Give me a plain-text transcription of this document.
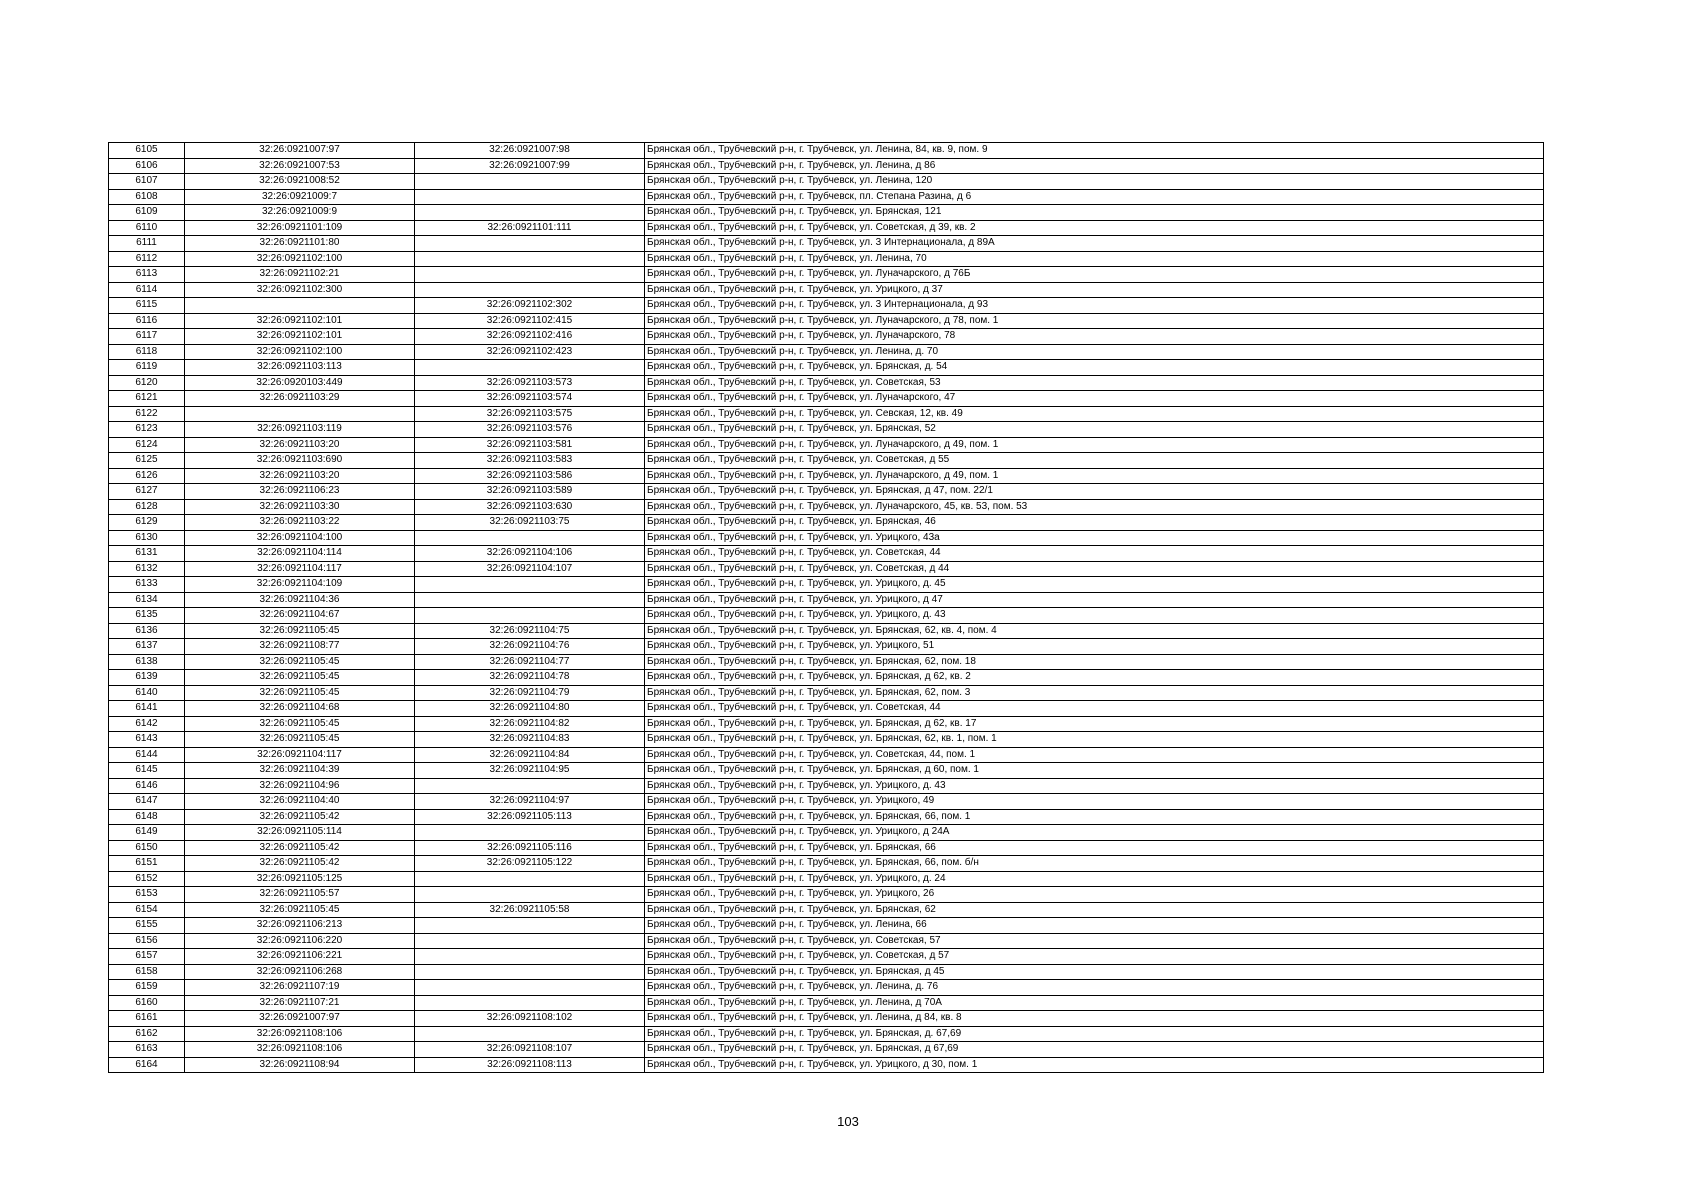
6105	32:26:0921007:97	32:26:0921007:98	Брянская обл., Трубчевский р-н, г. Трубчевск, ул. Ленина, 84, кв. 9, пом. 9
6106	32:26:0921007:53	32:26:0921007:99	Брянская обл., Трубчевский р-н, г. Трубчевск, ул. Ленина, д 86
6107	32:26:0921008:52		Брянская обл., Трубчевский р-н, г. Трубчевск, ул. Ленина, 120
6108	32:26:0921009:7		Брянская обл., Трубчевский р-н, г. Трубчевск, пл. Степана Разина, д 6
6109	32:26:0921009:9		Брянская обл., Трубчевский р-н, г. Трубчевск, ул. Брянская, 121
6110	32:26:0921101:109	32:26:0921101:111	Брянская обл., Трубчевский р-н, г. Трубчевск, ул. Советская, д 39, кв. 2
6111	32:26:0921101:80		Брянская обл., Трубчевский р-н, г. Трубчевск, ул. 3 Интернационала, д 89А
6112	32:26:0921102:100		Брянская обл., Трубчевский р-н, г. Трубчевск, ул. Ленина, 70
6113	32:26:0921102:21		Брянская обл., Трубчевский р-н, г. Трубчевск, ул. Луначарского, д 76Б
6114	32:26:0921102:300		Брянская обл., Трубчевский р-н, г. Трубчевск, ул. Урицкого, д 37
6115		32:26:0921102:302	Брянская обл., Трубчевский р-н, г. Трубчевск, ул. 3 Интернационала, д 93
6116	32:26:0921102:101	32:26:0921102:415	Брянская обл., Трубчевский р-н, г. Трубчевск, ул. Луначарского, д 78, пом. 1
6117	32:26:0921102:101	32:26:0921102:416	Брянская обл., Трубчевский р-н, г. Трубчевск, ул. Луначарского, 78
6118	32:26:0921102:100	32:26:0921102:423	Брянская обл., Трубчевский р-н, г. Трубчевск, ул. Ленина, д. 70
6119	32:26:0921103:113		Брянская обл., Трубчевский р-н, г. Трубчевск, ул. Брянская, д. 54
6120	32:26:0920103:449	32:26:0921103:573	Брянская обл., Трубчевский р-н, г. Трубчевск, ул. Советская, 53
6121	32:26:0921103:29	32:26:0921103:574	Брянская обл., Трубчевский р-н, г. Трубчевск, ул. Луначарского, 47
6122		32:26:0921103:575	Брянская обл., Трубчевский р-н, г. Трубчевск, ул. Севская, 12, кв. 49
6123	32:26:0921103:119	32:26:0921103:576	Брянская обл., Трубчевский р-н, г. Трубчевск, ул. Брянская, 52
6124	32:26:0921103:20	32:26:0921103:581	Брянская обл., Трубчевский р-н, г. Трубчевск, ул. Луначарского, д 49, пом. 1
6125	32:26:0921103:690	32:26:0921103:583	Брянская обл., Трубчевский р-н, г. Трубчевск, ул. Советская, д 55
6126	32:26:0921103:20	32:26:0921103:586	Брянская обл., Трубчевский р-н, г. Трубчевск, ул. Луначарского, д 49, пом. 1
6127	32:26:0921106:23	32:26:0921103:589	Брянская обл., Трубчевский р-н, г. Трубчевск, ул. Брянская, д 47, пом. 22/1
6128	32:26:0921103:30	32:26:0921103:630	Брянская обл., Трубчевский р-н, г. Трубчевск, ул. Луначарского, 45, кв. 53, пом. 53
6129	32:26:0921103:22	32:26:0921103:75	Брянская обл., Трубчевский р-н, г. Трубчевск, ул. Брянская, 46
6130	32:26:0921104:100		Брянская обл., Трубчевский р-н, г. Трубчевск, ул. Урицкого, 43а
6131	32:26:0921104:114	32:26:0921104:106	Брянская обл., Трубчевский р-н, г. Трубчевск, ул. Советская, 44
6132	32:26:0921104:117	32:26:0921104:107	Брянская обл., Трубчевский р-н, г. Трубчевск, ул. Советская, д 44
6133	32:26:0921104:109		Брянская обл., Трубчевский р-н, г. Трубчевск, ул. Урицкого, д. 45
6134	32:26:0921104:36		Брянская обл., Трубчевский р-н, г. Трубчевск, ул. Урицкого, д 47
6135	32:26:0921104:67		Брянская обл., Трубчевский р-н, г. Трубчевск, ул. Урицкого, д. 43
6136	32:26:0921105:45	32:26:0921104:75	Брянская обл., Трубчевский р-н, г. Трубчевск, ул. Брянская, 62, кв. 4, пом. 4
6137	32:26:0921108:77	32:26:0921104:76	Брянская обл., Трубчевский р-н, г. Трубчевск, ул. Урицкого, 51
6138	32:26:0921105:45	32:26:0921104:77	Брянская обл., Трубчевский р-н, г. Трубчевск, ул. Брянская, 62, пом. 18
6139	32:26:0921105:45	32:26:0921104:78	Брянская обл., Трубчевский р-н, г. Трубчевск, ул. Брянская, д 62, кв. 2
6140	32:26:0921105:45	32:26:0921104:79	Брянская обл., Трубчевский р-н, г. Трубчевск, ул. Брянская, 62, пом. 3
6141	32:26:0921104:68	32:26:0921104:80	Брянская обл., Трубчевский р-н, г. Трубчевск, ул. Советская, 44
6142	32:26:0921105:45	32:26:0921104:82	Брянская обл., Трубчевский р-н, г. Трубчевск, ул. Брянская, д 62, кв. 17
6143	32:26:0921105:45	32:26:0921104:83	Брянская обл., Трубчевский р-н, г. Трубчевск, ул. Брянская, 62, кв. 1, пом. 1
6144	32:26:0921104:117	32:26:0921104:84	Брянская обл., Трубчевский р-н, г. Трубчевск, ул. Советская, 44, пом. 1
6145	32:26:0921104:39	32:26:0921104:95	Брянская обл., Трубчевский р-н, г. Трубчевск, ул. Брянская, д 60, пом. 1
6146	32:26:0921104:96		Брянская обл., Трубчевский р-н, г. Трубчевск, ул. Урицкого, д. 43
6147	32:26:0921104:40	32:26:0921104:97	Брянская обл., Трубчевский р-н, г. Трубчевск, ул. Урицкого, 49
6148	32:26:0921105:42	32:26:0921105:113	Брянская обл., Трубчевский р-н, г. Трубчевск, ул. Брянская, 66, пом. 1
6149	32:26:0921105:114		Брянская обл., Трубчевский р-н, г. Трубчевск, ул. Урицкого, д 24А
6150	32:26:0921105:42	32:26:0921105:116	Брянская обл., Трубчевский р-н, г. Трубчевск, ул. Брянская, 66
6151	32:26:0921105:42	32:26:0921105:122	Брянская обл., Трубчевский р-н, г. Трубчевск, ул. Брянская, 66, пом. б/н
6152	32:26:0921105:125		Брянская обл., Трубчевский р-н, г. Трубчевск, ул. Урицкого, д. 24
6153	32:26:0921105:57		Брянская обл., Трубчевский р-н, г. Трубчевск, ул. Урицкого, 26
6154	32:26:0921105:45	32:26:0921105:58	Брянская обл., Трубчевский р-н, г. Трубчевск, ул. Брянская, 62
6155	32:26:0921106:213		Брянская обл., Трубчевский р-н, г. Трубчевск, ул. Ленина, 66
6156	32:26:0921106:220		Брянская обл., Трубчевский р-н, г. Трубчевск, ул. Советская, 57
6157	32:26:0921106:221		Брянская обл., Трубчевский р-н, г. Трубчевск, ул. Советская, д 57
6158	32:26:0921106:268		Брянская обл., Трубчевский р-н, г. Трубчевск, ул. Брянская, д 45
6159	32:26:0921107:19		Брянская обл., Трубчевский р-н, г. Трубчевск, ул. Ленина, д. 76
6160	32:26:0921107:21		Брянская обл., Трубчевский р-н, г. Трубчевск, ул. Ленина, д 70А
6161	32:26:0921007:97	32:26:0921108:102	Брянская обл., Трубчевский р-н, г. Трубчевск, ул. Ленина, д 84, кв. 8
6162	32:26:0921108:106		Брянская обл., Трубчевский р-н, г. Трубчевск, ул. Брянская, д. 67,69
6163	32:26:0921108:106	32:26:0921108:107	Брянская обл., Трубчевский р-н, г. Трубчевск, ул. Брянская, д 67,69
6164	32:26:0921108:94	32:26:0921108:113	Брянская обл., Трубчевский р-н, г. Трубчевск, ул. Урицкого, д 30, пом. 1
103
